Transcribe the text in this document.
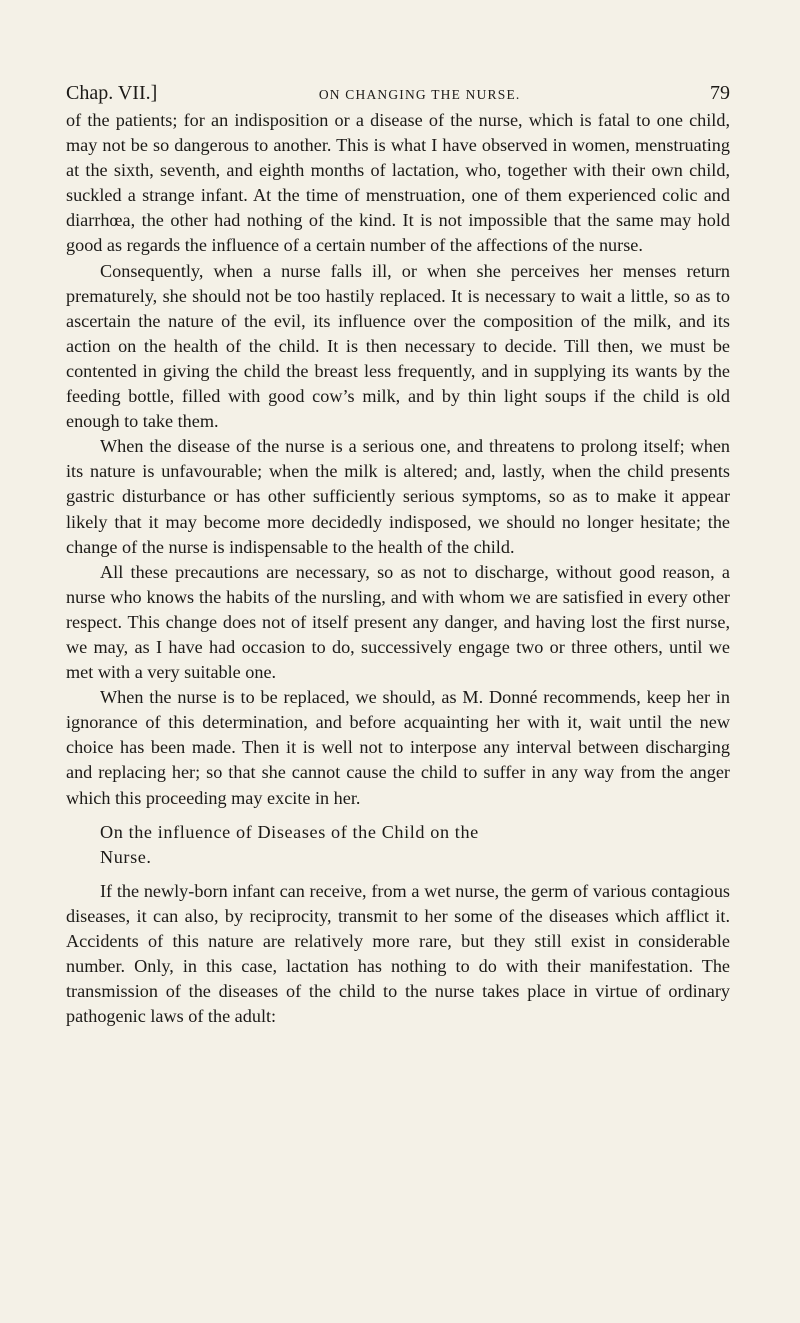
Chap. VII.]	ON CHANGING THE NURSE.	79

of the patients; for an indisposition or a disease of the nurse, which is fatal to one child, may not be so dangerous to another. This is what I have observed in women, menstruating at the sixth, seventh, and eighth months of lactation, who, together with their own child, suckled a strange infant. At the time of menstruation, one of them experienced colic and diarrhœa, the other had nothing of the kind. It is not impossible that the same may hold good as regards the influence of a certain number of the affections of the nurse.

Consequently, when a nurse falls ill, or when she perceives her menses return prematurely, she should not be too hastily replaced. It is necessary to wait a little, so as to ascertain the nature of the evil, its influence over the composition of the milk, and its action on the health of the child. It is then necessary to decide. Till then, we must be contented in giving the child the breast less frequently, and in supplying its wants by the feeding bottle, filled with good cow’s milk, and by thin light soups if the child is old enough to take them.

When the disease of the nurse is a serious one, and threatens to prolong itself; when its nature is unfavourable; when the milk is altered; and, lastly, when the child presents gastric disturbance or has other sufficiently serious symptoms, so as to make it appear likely that it may become more decidedly indisposed, we should no longer hesitate; the change of the nurse is indispensable to the health of the child.

All these precautions are necessary, so as not to discharge, without good reason, a nurse who knows the habits of the nursling, and with whom we are satisfied in every other respect. This change does not of itself present any danger, and having lost the first nurse, we may, as I have had occasion to do, successively engage two or three others, until we met with a very suitable one.

When the nurse is to be replaced, we should, as M. Donné recommends, keep her in ignorance of this determination, and before acquainting her with it, wait until the new choice has been made. Then it is well not to interpose any interval between discharging and replacing her; so that she cannot cause the child to suffer in any way from the anger which this proceeding may excite in her.

On the influence of Diseases of the Child on the
Nurse.

If the newly-born infant can receive, from a wet nurse, the germ of various contagious diseases, it can also, by reciprocity, transmit to her some of the diseases which afflict it. Accidents of this nature are relatively more rare, but they still exist in considerable number. Only, in this case, lactation has nothing to do with their manifestation. The transmission of the diseases of the child to the nurse takes place in virtue of ordinary pathogenic laws of the adult:
